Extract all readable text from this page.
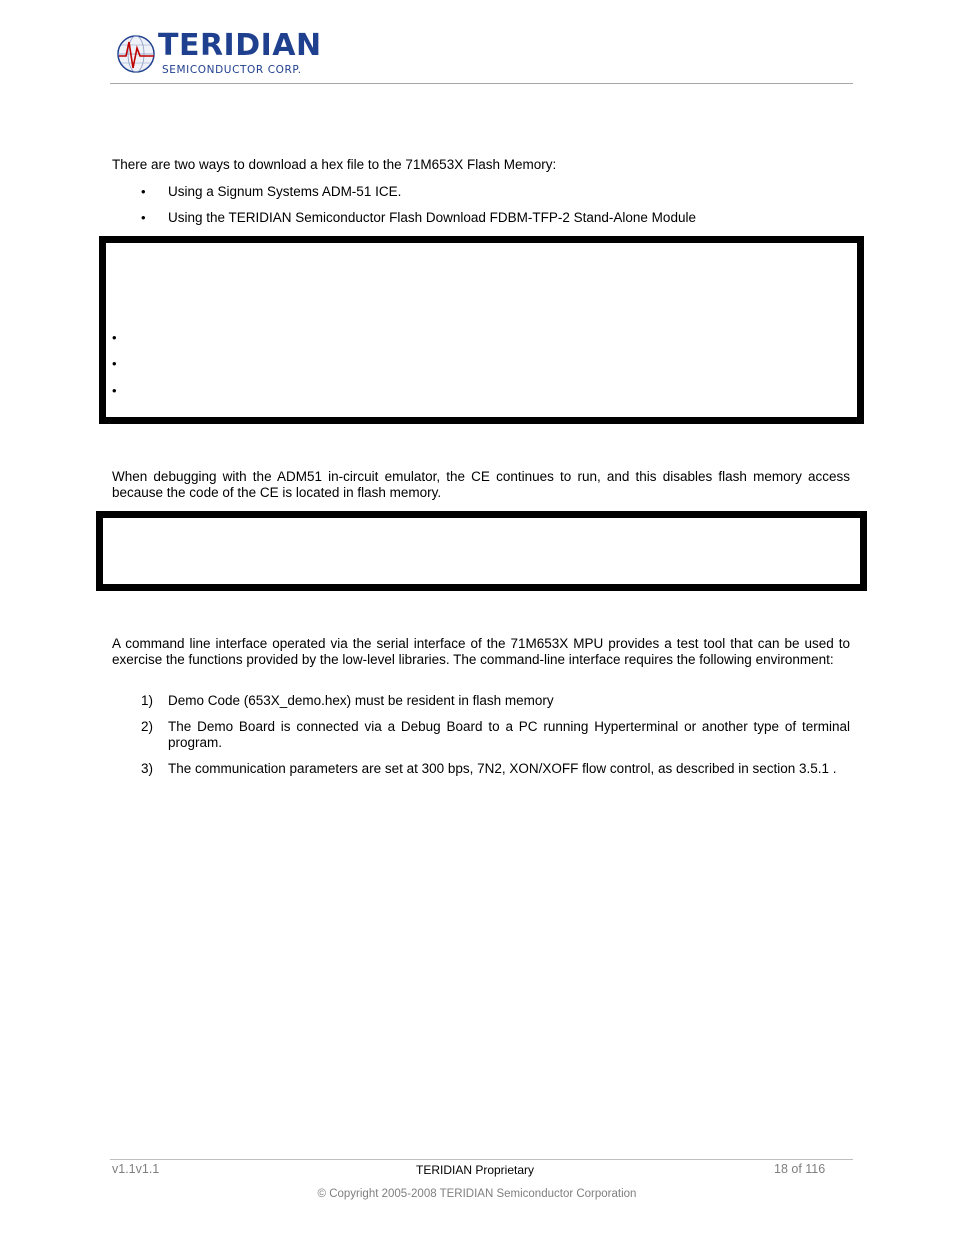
TERIDIAN
SEMICONDUCTOR CORP.
There are two ways to download a hex file to the 71M653X Flash Memory:
• Using a Signum Systems ADM-51 ICE.
• Using the TERIDIAN Semiconductor Flash Download FDBM-TFP-2 Stand-Alone Module
•
•
•
When debugging with the ADM51 in-circuit emulator, the CE continues to run, and this disables flash memory access because the code of the CE is located in flash memory.
A command line interface operated via the serial interface of the 71M653X MPU provides a test tool that can be used to exercise the functions provided by the low-level libraries. The command-line interface requires the following environment:
1) Demo Code (653X_demo.hex) must be resident in flash memory
2) The Demo Board is connected via a Debug Board to a PC running Hyperterminal or another type of terminal program.
3) The communication parameters are set at 300 bps, 7N2, XON/XOFF flow control, as described in section 3.5.1 .
v1.1v1.1	TERIDIAN Proprietary	18 of 116
© Copyright 2005-2008 TERIDIAN Semiconductor Corporation
